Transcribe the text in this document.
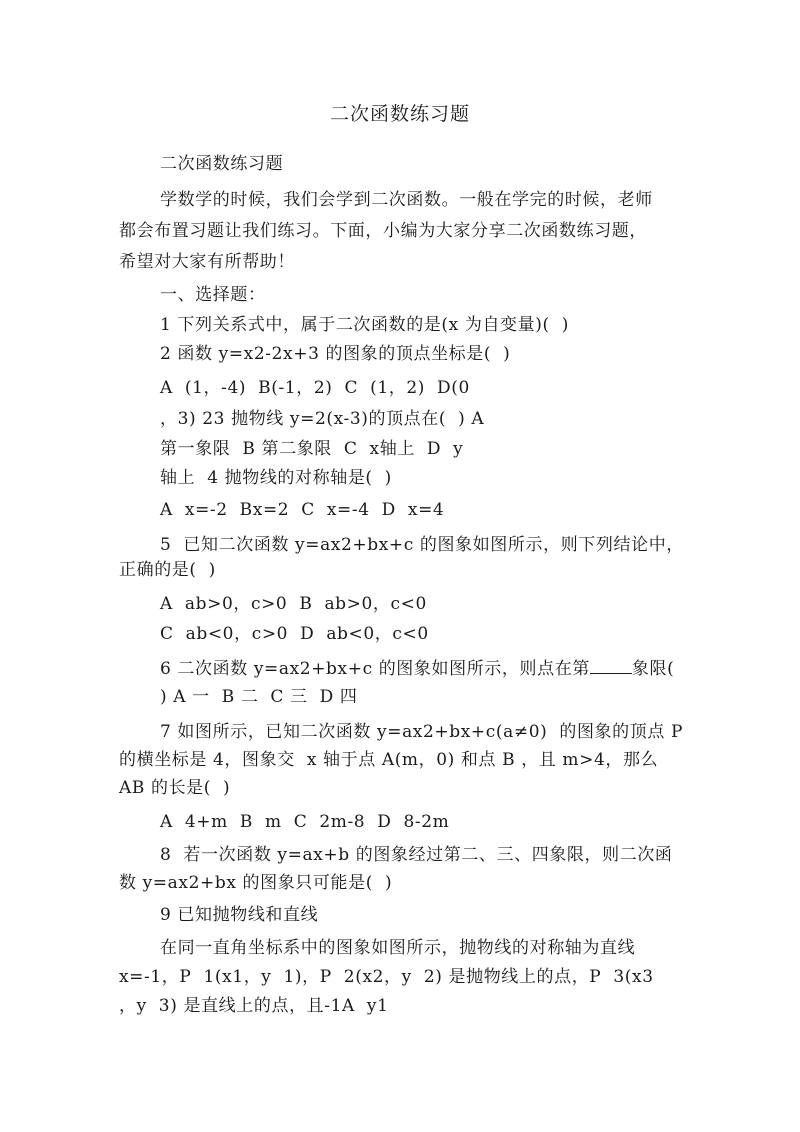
二次函数练习题
二次函数练习题
学数学的时候，我们会学到二次函数。一般在学完的时候，老师
都会布置习题让我们练习。下面，小编为大家分享二次函数练习题，
希望对大家有所帮助！
一、选择题：
1 下列关系式中，属于二次函数的是(x 为自变量)(  )
2 函数 y=x2-2x+3 的图象的顶点坐标是(  )
A  (1，-4)  B(-1，2)  C  (1，2)  D(0
，3) 23 抛物线 y=2(x-3)的顶点在(  ) A
第一象限  B 第二象限  C  x轴上  D  y
轴上  4 抛物线的对称轴是(  )
A  x=-2  Bx=2  C  x=-4  D  x=4
5  已知二次函数 y=ax2+bx+c 的图象如图所示，则下列结论中，
正确的是(  )
A  ab>0，c>0  B  ab>0，c<0
C  ab<0，c>0  D  ab<0，c<0
6 二次函数 y=ax2+bx+c 的图象如图所示，则点在第 象限(
) A 一  B 二  C 三  D 四
7 如图所示，已知二次函数 y=ax2+bx+c(a≠0)  的图象的顶点 P
的横坐标是 4，图象交  x 轴于点 A(m，0) 和点 B ，且 m>4，那么
AB 的长是(  )
A  4+m  B  m  C  2m-8  D  8-2m
8  若一次函数 y=ax+b 的图象经过第二、三、四象限，则二次函
数 y=ax2+bx 的图象只可能是(  )
9 已知抛物线和直线
在同一直角坐标系中的图象如图所示，抛物线的对称轴为直线
x=-1，P  1(x1，y  1)，P  2(x2，y  2) 是抛物线上的点，P  3(x3
，y  3) 是直线上的点，且-1A  y1
